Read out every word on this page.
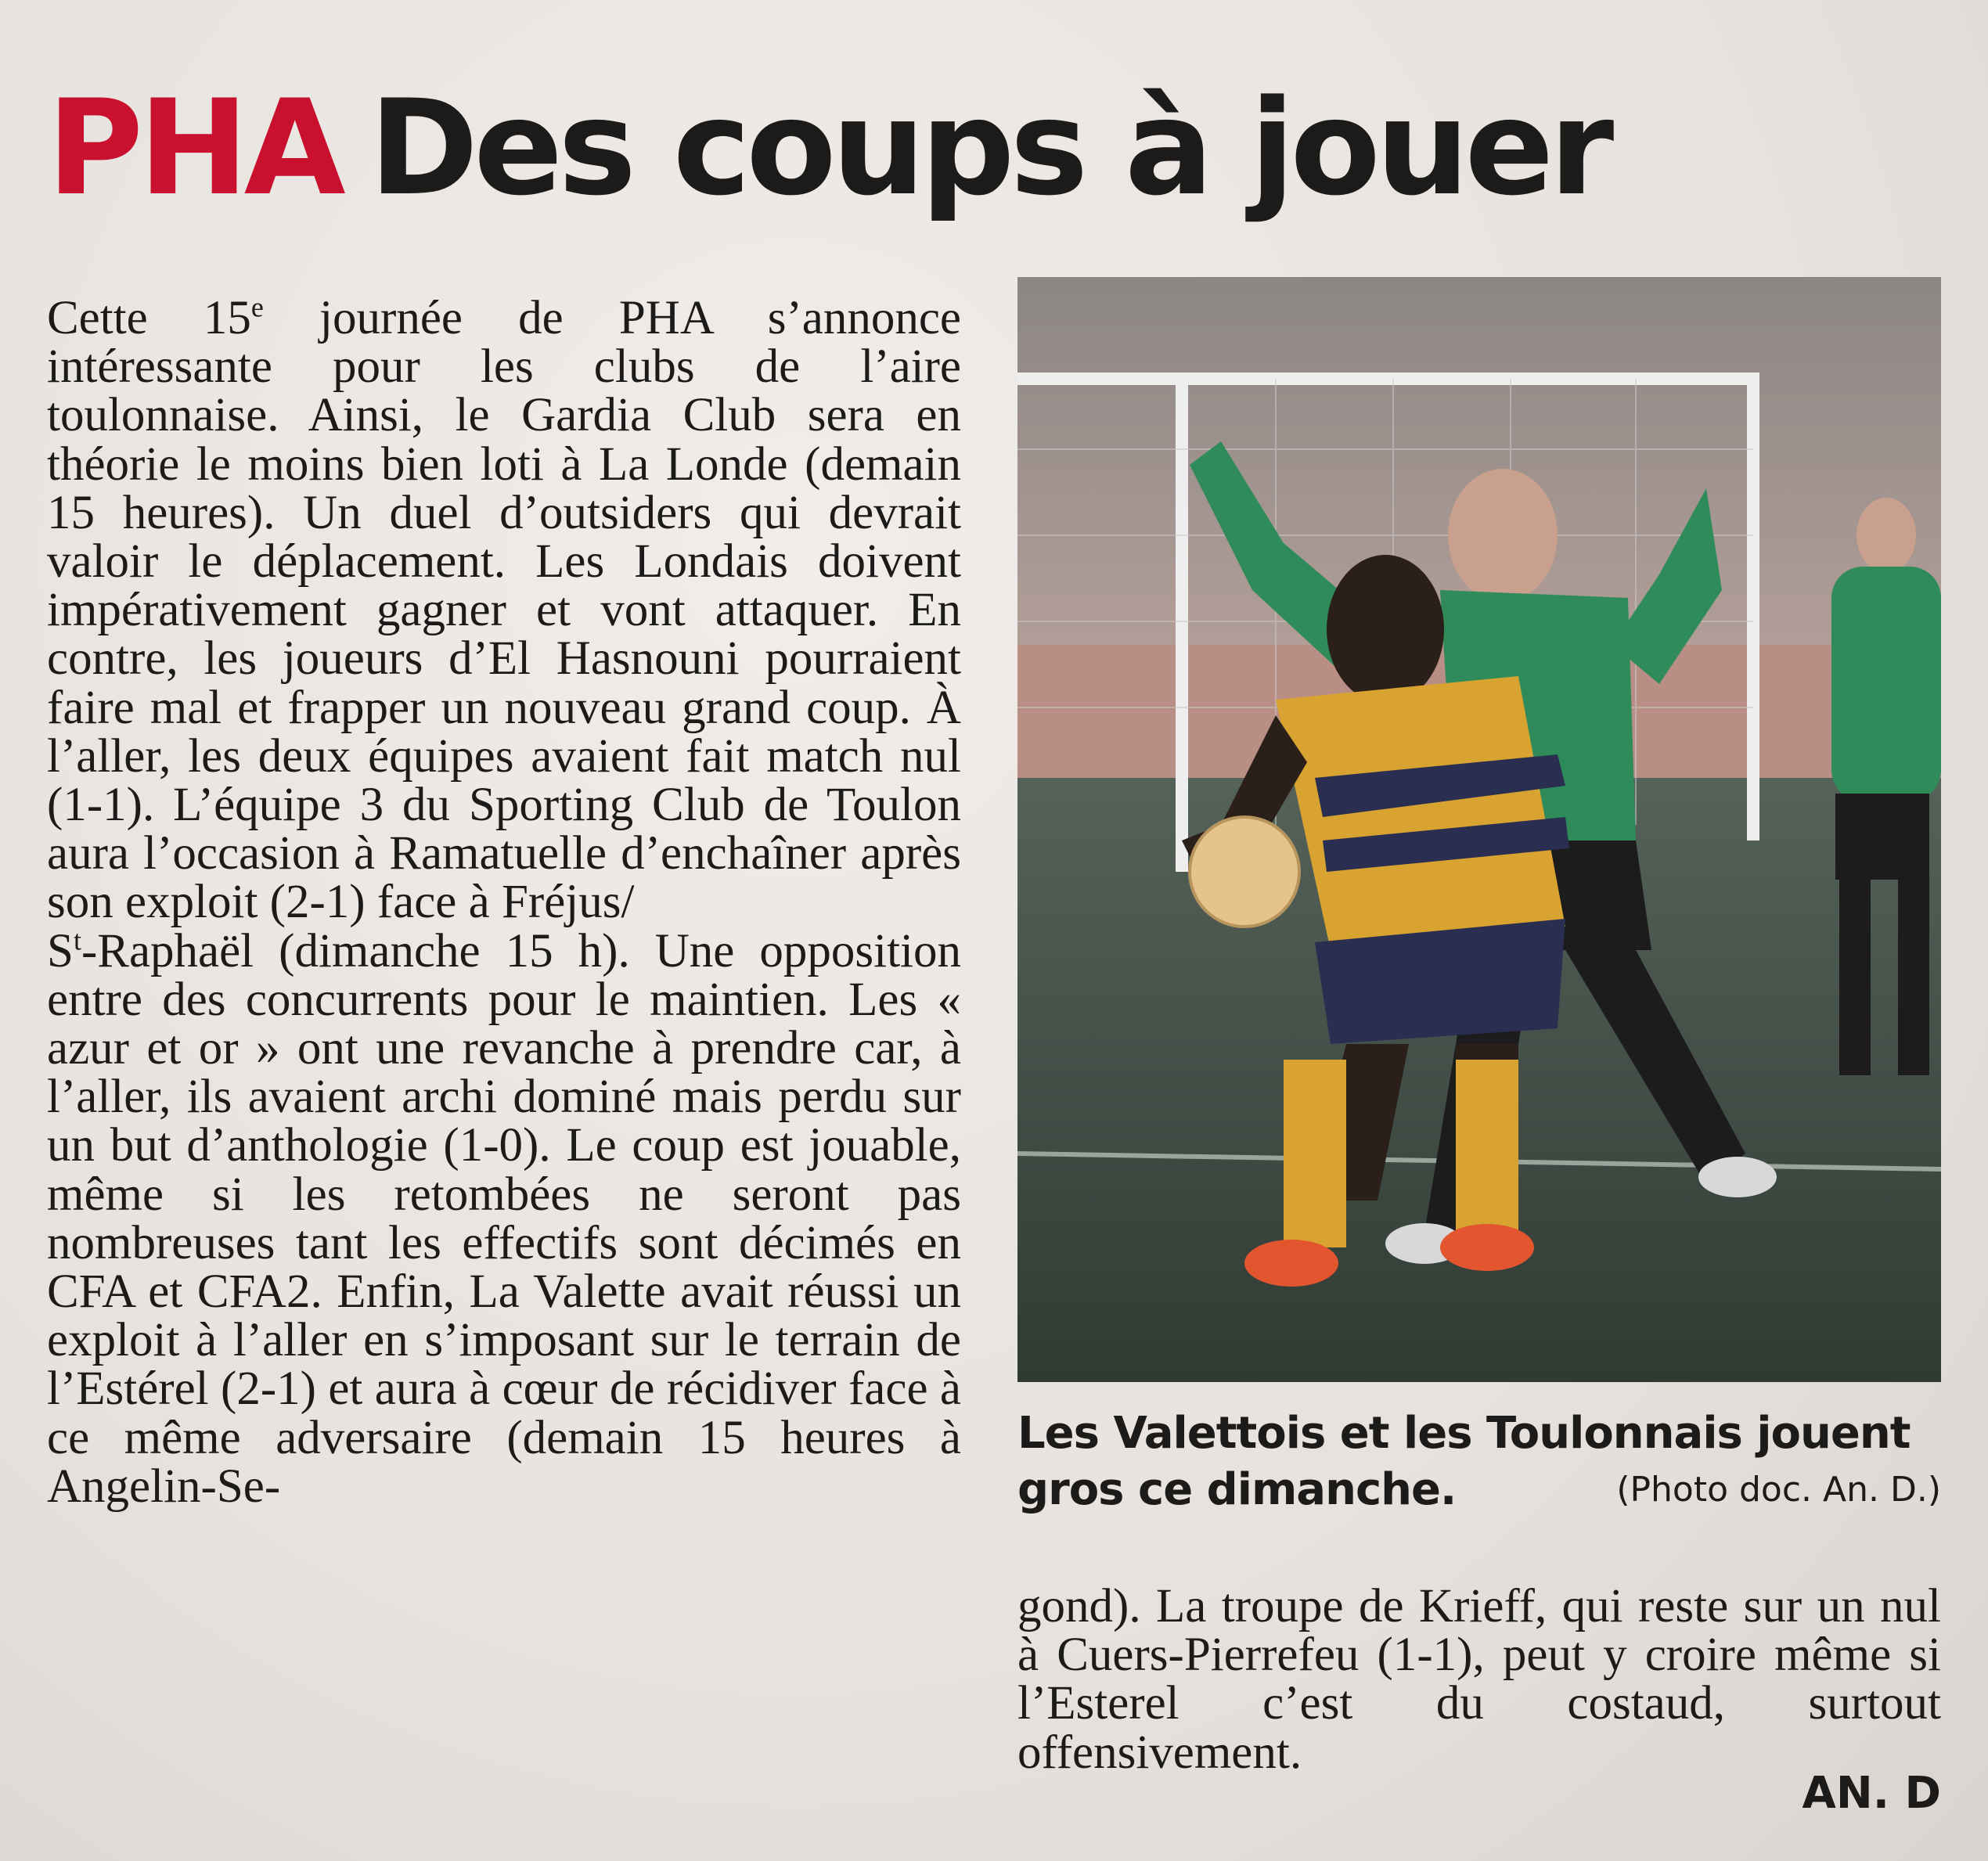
PHA Des coups à jouer

Cette 15e journée de PHA s’annonce intéressante pour les clubs de l’aire toulonnaise. Ainsi, le Gardia Club sera en théorie le moins bien loti à La Londe (demain 15 heures). Un duel d’outsiders qui devrait valoir le déplacement. Les Londais doivent impérativement gagner et vont attaquer. En contre, les joueurs d’El Hasnouni pourraient faire mal et frapper un nouveau grand coup. À l’aller, les deux équipes avaient fait match nul (1-1). L’équipe 3 du Sporting Club de Toulon aura l’occasion à Ramatuelle d’enchaîner après son exploit (2-1) face à Fréjus/

$S^t$-Raphaël (dimanche 15 h). Une opposition entre des concurrents pour le maintien. Les « azur et or » ont une revanche à prendre car, à l’aller, ils avaient archi dominé mais perdu sur un but d’anthologie (1-0). Le coup est jouable, même si les retombées ne seront pas nombreuses tant les effectifs sont décimés en CFA et CFA2. Enfin, La Valette avait réussi un exploit à l’aller en s’imposant sur le terrain de l’Estérel (2-1) et aura à cœur de récidiver face à ce même adversaire (demain 15 heures à Angelin-Se-

Les Valettois et les Toulonnais jouent gros ce dimanche.	(Photo doc. An. D.)

gond). La troupe de Krieff, qui reste sur un nul à Cuers-Pierrefeu (1-1), peut y croire même si l’Esterel c’est du costaud, surtout offensivement.

AN. D
